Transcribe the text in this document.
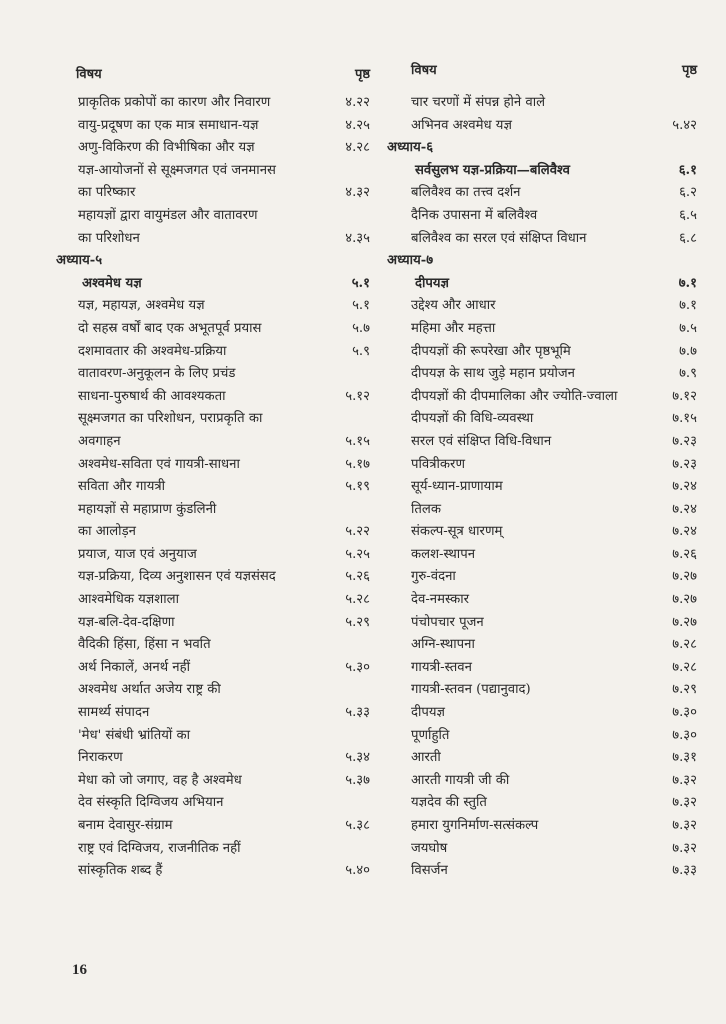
विषय	पृष्ठ
प्राकृतिक प्रकोपों का कारण और निवारण	४.२२
वायु-प्रदूषण का एक मात्र समाधान-यज्ञ	४.२५
अणु-विकिरण की विभीषिका और यज्ञ	४.२८
यज्ञ-आयोजनों से सूक्ष्मजगत एवं जनमानस
का परिष्कार	४.३२
महायज्ञों द्वारा वायुमंडल और वातावरण
का परिशोधन	४.३५
अध्याय-५
अश्वमेध यज्ञ	५.१
यज्ञ, महायज्ञ, अश्वमेध यज्ञ	५.१
दो सहस्र वर्षों बाद एक अभूतपूर्व प्रयास	५.७
दशमावतार की अश्वमेध-प्रक्रिया	५.९
वातावरण-अनुकूलन के लिए प्रचंड
साधना-पुरुषार्थ की आवश्यकता	५.१२
सूक्ष्मजगत का परिशोधन, पराप्रकृति का
अवगाहन	५.१५
अश्वमेध-सविता एवं गायत्री-साधना	५.१७
सविता और गायत्री	५.१९
महायज्ञों से महाप्राण कुंडलिनी
का आलोड़न	५.२२
प्रयाज, याज एवं अनुयाज	५.२५
यज्ञ-प्रक्रिया, दिव्य अनुशासन एवं यज्ञसंसद	५.२६
आश्वमेधिक यज्ञशाला	५.२८
यज्ञ-बलि-देव-दक्षिणा	५.२९
वैदिकी हिंसा, हिंसा न भवति
अर्थ निकालें, अनर्थ नहीं	५.३०
अश्वमेध अर्थात अजेय राष्ट्र की
सामर्थ्य संपादन	५.३३
'मेध' संबंधी भ्रांतियों का
निराकरण	५.३४
मेधा को जो जगाए, वह है अश्वमेध	५.३७
देव संस्कृति दिग्विजय अभियान
बनाम देवासुर-संग्राम	५.३८
राष्ट्र एवं दिग्विजय, राजनीतिक नहीं
सांस्कृतिक शब्द हैं	५.४०
विषय	पृष्ठ
चार चरणों में संपन्न होने वाले
अभिनव अश्वमेध यज्ञ	५.४२
अध्याय-६
सर्वसुलभ यज्ञ-प्रक्रिया—बलिवैश्व	६.१
बलिवैश्व का तत्त्व दर्शन	६.२
दैनिक उपासना में बलिवैश्व	६.५
बलिवैश्व का सरल एवं संक्षिप्त विधान	६.८
अध्याय-७
दीपयज्ञ	७.१
उद्देश्य और आधार	७.१
महिमा और महत्ता	७.५
दीपयज्ञों की रूपरेखा और पृष्ठभूमि	७.७
दीपयज्ञ के साथ जुड़े महान प्रयोजन	७.९
दीपयज्ञों की दीपमालिका और ज्योति-ज्वाला	७.१२
दीपयज्ञों की विधि-व्यवस्था	७.१५
सरल एवं संक्षिप्त विधि-विधान	७.२३
पवित्रीकरण	७.२३
सूर्य-ध्यान-प्राणायाम	७.२४
तिलक	७.२४
संकल्प-सूत्र धारणम्	७.२४
कलश-स्थापन	७.२६
गुरु-वंदना	७.२७
देव-नमस्कार	७.२७
पंचोपचार पूजन	७.२७
अग्नि-स्थापना	७.२८
गायत्री-स्तवन	७.२८
गायत्री-स्तवन (पद्यानुवाद)	७.२९
दीपयज्ञ	७.३०
पूर्णाहुति	७.३०
आरती	७.३१
आरती गायत्री जी की	७.३२
यज्ञदेव की स्तुति	७.३२
हमारा युगनिर्माण-सत्संकल्प	७.३२
जयघोष	७.३२
विसर्जन	७.३३
16
